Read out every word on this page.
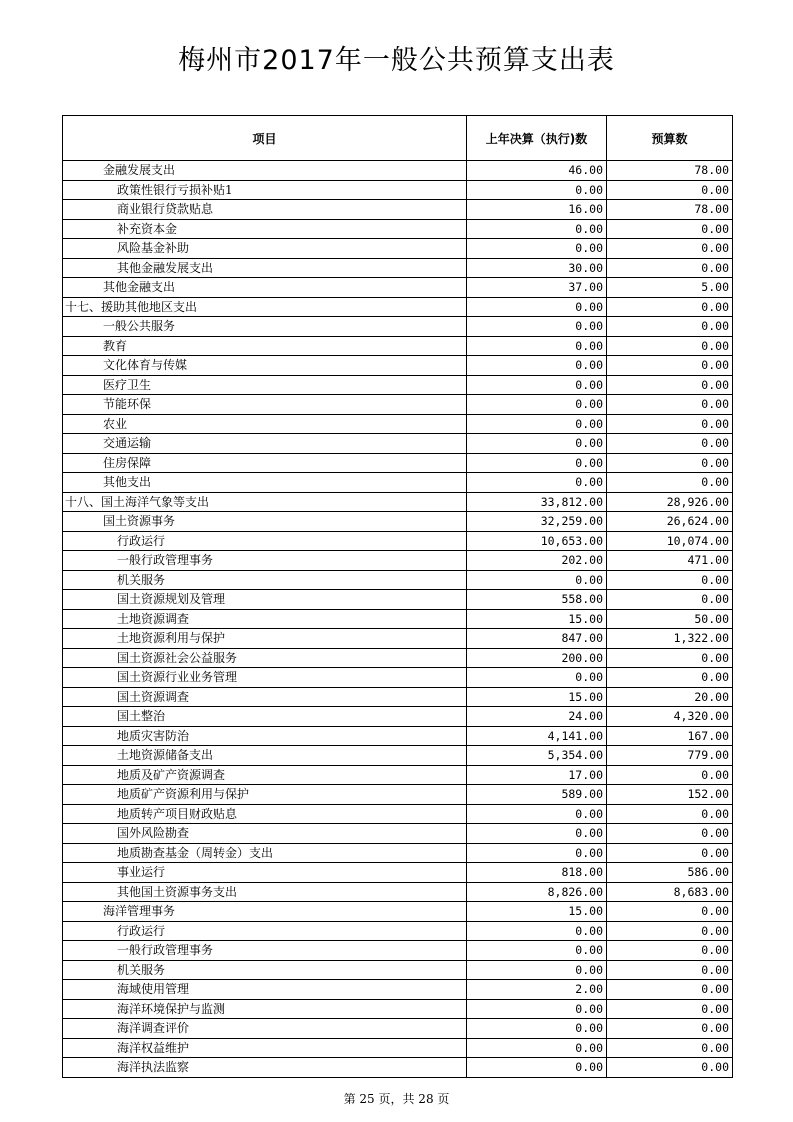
梅州市2017年一般公共预算支出表
项目	上年决算（执行)数	预算数
金融发展支出	46.00	78.00
政策性银行亏损补贴1	0.00	0.00
商业银行贷款贴息	16.00	78.00
补充资本金	0.00	0.00
风险基金补助	0.00	0.00
其他金融发展支出	30.00	0.00
其他金融支出	37.00	5.00
十七、援助其他地区支出	0.00	0.00
一般公共服务	0.00	0.00
教育	0.00	0.00
文化体育与传媒	0.00	0.00
医疗卫生	0.00	0.00
节能环保	0.00	0.00
农业	0.00	0.00
交通运输	0.00	0.00
住房保障	0.00	0.00
其他支出	0.00	0.00
十八、国土海洋气象等支出	33,812.00	28,926.00
国土资源事务	32,259.00	26,624.00
行政运行	10,653.00	10,074.00
一般行政管理事务	202.00	471.00
机关服务	0.00	0.00
国土资源规划及管理	558.00	0.00
土地资源调查	15.00	50.00
土地资源利用与保护	847.00	1,322.00
国土资源社会公益服务	200.00	0.00
国土资源行业业务管理	0.00	0.00
国土资源调查	15.00	20.00
国土整治	24.00	4,320.00
地质灾害防治	4,141.00	167.00
土地资源储备支出	5,354.00	779.00
地质及矿产资源调查	17.00	0.00
地质矿产资源利用与保护	589.00	152.00
地质转产项目财政贴息	0.00	0.00
国外风险勘查	0.00	0.00
地质勘查基金（周转金）支出	0.00	0.00
事业运行	818.00	586.00
其他国土资源事务支出	8,826.00	8,683.00
海洋管理事务	15.00	0.00
行政运行	0.00	0.00
一般行政管理事务	0.00	0.00
机关服务	0.00	0.00
海域使用管理	2.00	0.00
海洋环境保护与监测	0.00	0.00
海洋调查评价	0.00	0.00
海洋权益维护	0.00	0.00
海洋执法监察	0.00	0.00
第 25 页，共 28 页
